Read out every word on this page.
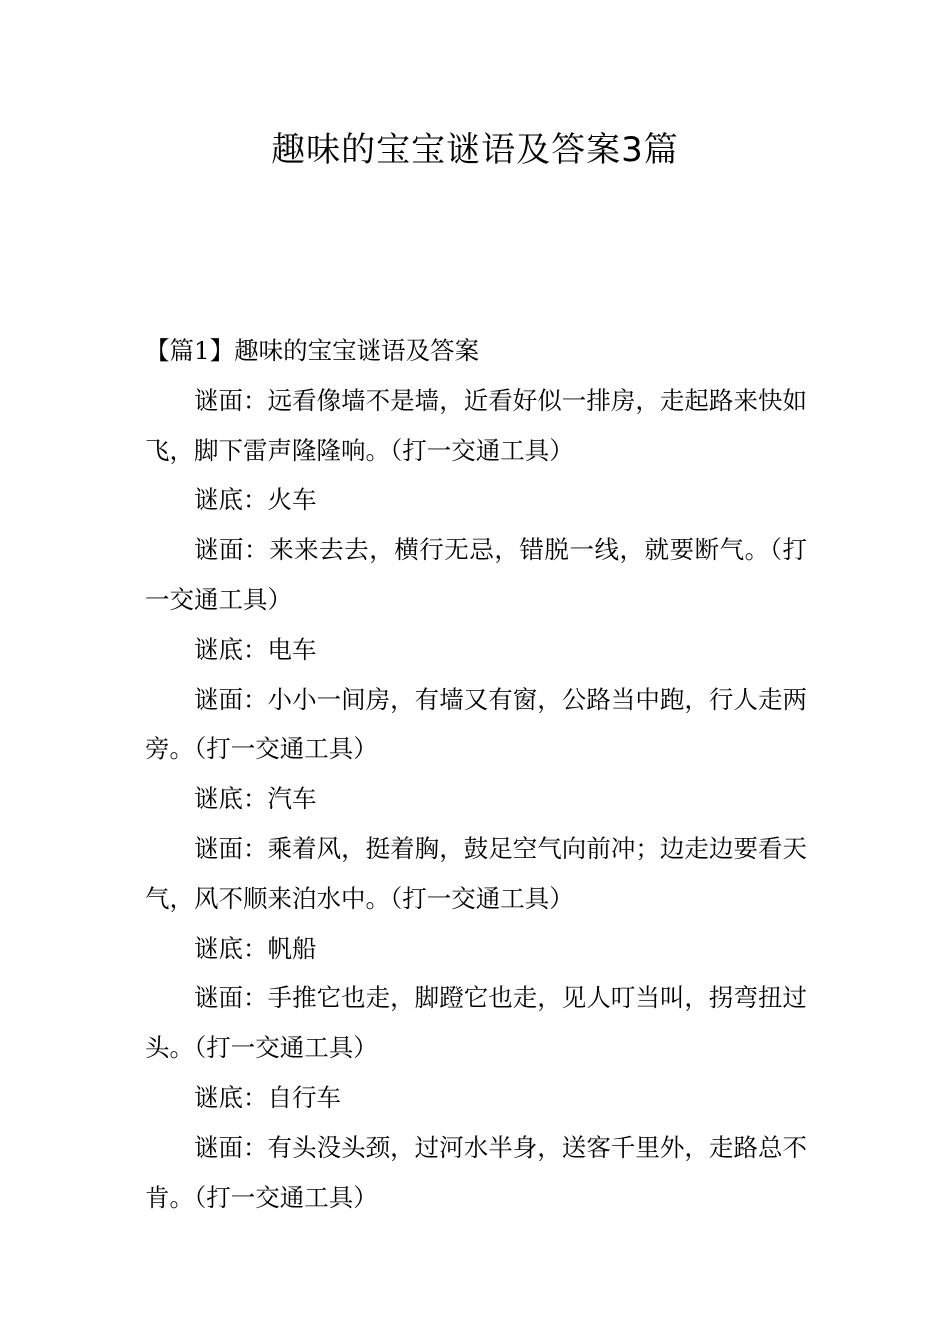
趣味的宝宝谜语及答案3篇

【篇1】趣味的宝宝谜语及答案

谜面：远看像墙不是墙，近看好似一排房，走起路来快如飞，脚下雷声隆隆响。（打一交通工具）

谜底：火车

谜面：来来去去，横行无忌，错脱一线，就要断气。（打一交通工具）

谜底：电车

谜面：小小一间房，有墙又有窗，公路当中跑，行人走两旁。（打一交通工具）

谜底：汽车

谜面：乘着风，挺着胸，鼓足空气向前冲；边走边要看天气，风不顺来泊水中。（打一交通工具）

谜底：帆船

谜面：手推它也走，脚蹬它也走，见人叮当叫，拐弯扭过头。（打一交通工具）

谜底：自行车

谜面：有头没头颈，过河水半身，送客千里外，走路总不肯。（打一交通工具）
